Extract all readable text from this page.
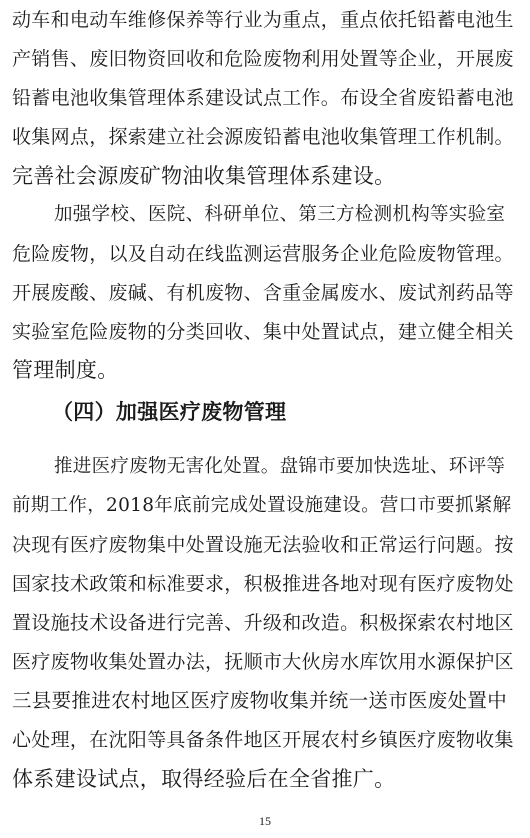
动车和电动车维修保养等行业为重点，重点依托铅蓄电池生
产销售、废旧物资回收和危险废物利用处置等企业，开展废
铅蓄电池收集管理体系建设试点工作。布设全省废铅蓄电池
收集网点，探索建立社会源废铅蓄电池收集管理工作机制。
完善社会源废矿物油收集管理体系建设。
加强学校、医院、科研单位、第三方检测机构等实验室
危险废物，以及自动在线监测运营服务企业危险废物管理。
开展废酸、废碱、有机废物、含重金属废水、废试剂药品等
实验室危险废物的分类回收、集中处置试点，建立健全相关
管理制度。
（四）加强医疗废物管理
推进医疗废物无害化处置。盘锦市要加快选址、环评等
前期工作，2018年底前完成处置设施建设。营口市要抓紧解
决现有医疗废物集中处置设施无法验收和正常运行问题。按
国家技术政策和标准要求，积极推进各地对现有医疗废物处
置设施技术设备进行完善、升级和改造。积极探索农村地区
医疗废物收集处置办法，抚顺市大伙房水库饮用水源保护区
三县要推进农村地区医疗废物收集并统一送市医废处置中
心处理，在沈阳等具备条件地区开展农村乡镇医疗废物收集
体系建设试点，取得经验后在全省推广。
15
